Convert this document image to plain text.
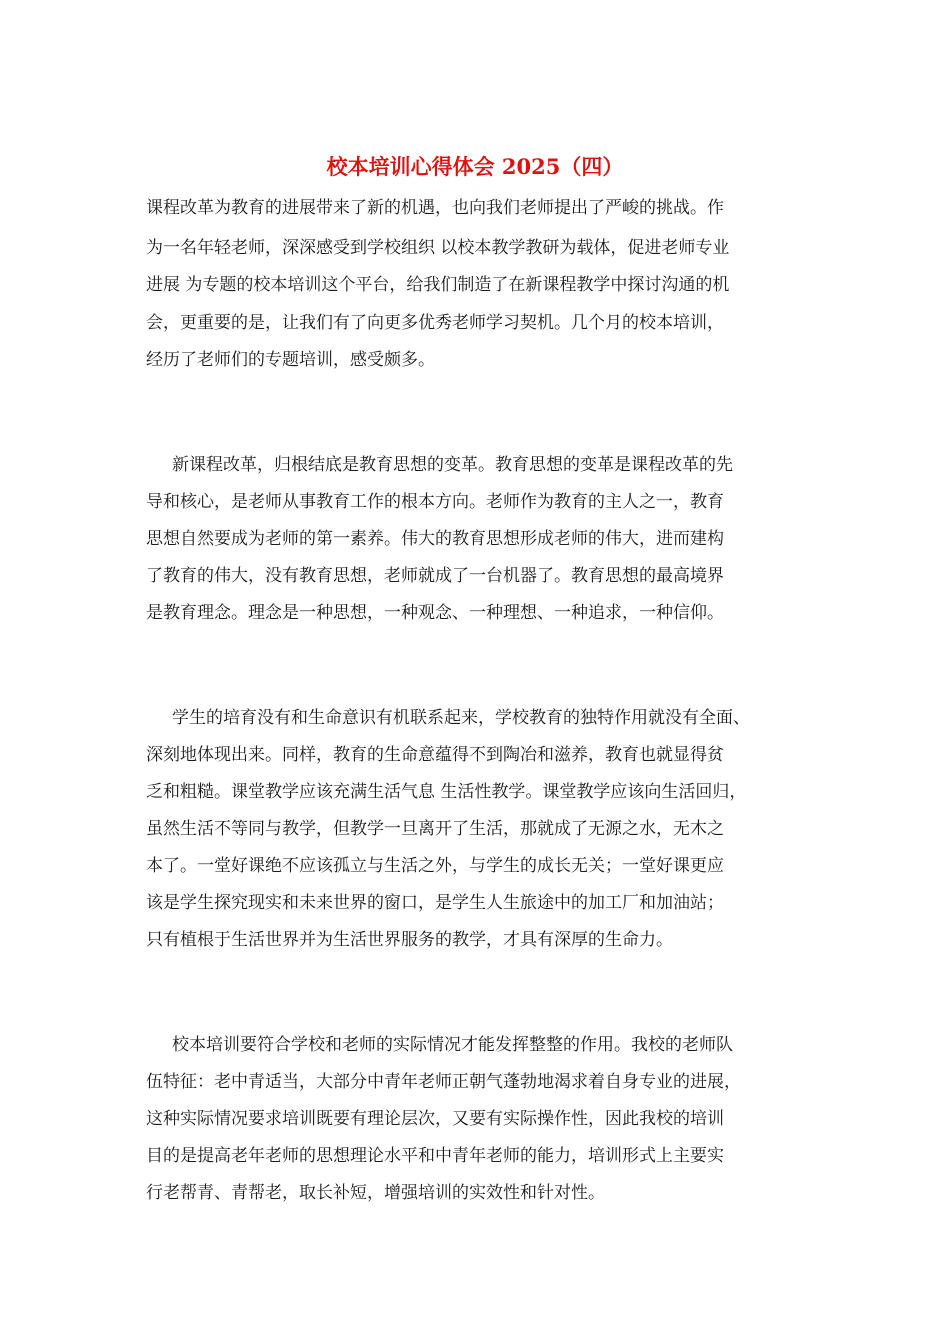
校本培训心得体会 2025（四）

课程改革为教育的进展带来了新的机遇，也向我们老师提出了严峻的挑战。作

为一名年轻老师，深深感受到学校组织 以校本教学教研为载体，促进老师专业

进展 为专题的校本培训这个平台，给我们制造了在新课程教学中探讨沟通的机

会，更重要的是，让我们有了向更多优秀老师学习契机。几个月的校本培训，

经历了老师们的专题培训，感受颇多。

新课程改革，归根结底是教育思想的变革。教育思想的变革是课程改革的先

导和核心，是老师从事教育工作的根本方向。老师作为教育的主人之一，教育

思想自然要成为老师的第一素养。伟大的教育思想形成老师的伟大，进而建构

了教育的伟大，没有教育思想，老师就成了一台机器了。教育思想的最高境界

是教育理念。理念是一种思想，一种观念、一种理想、一种追求，一种信仰。

学生的培育没有和生命意识有机联系起来，学校教育的独特作用就没有全面、

深刻地体现出来。同样，教育的生命意蕴得不到陶冶和滋养，教育也就显得贫

乏和粗糙。课堂教学应该充满生活气息 生活性教学。课堂教学应该向生活回归，

虽然生活不等同与教学，但教学一旦离开了生活，那就成了无源之水，无木之

本了。一堂好课绝不应该孤立与生活之外，与学生的成长无关；一堂好课更应

该是学生探究现实和未来世界的窗口，是学生人生旅途中的加工厂和加油站；

只有植根于生活世界并为生活世界服务的教学，才具有深厚的生命力。

校本培训要符合学校和老师的实际情况才能发挥整整的作用。我校的老师队

伍特征：老中青适当，大部分中青年老师正朝气蓬勃地渴求着自身专业的进展，

这种实际情况要求培训既要有理论层次，又要有实际操作性，因此我校的培训

目的是提高老年老师的思想理论水平和中青年老师的能力，培训形式上主要实

行老帮青、青帮老，取长补短，增强培训的实效性和针对性。
